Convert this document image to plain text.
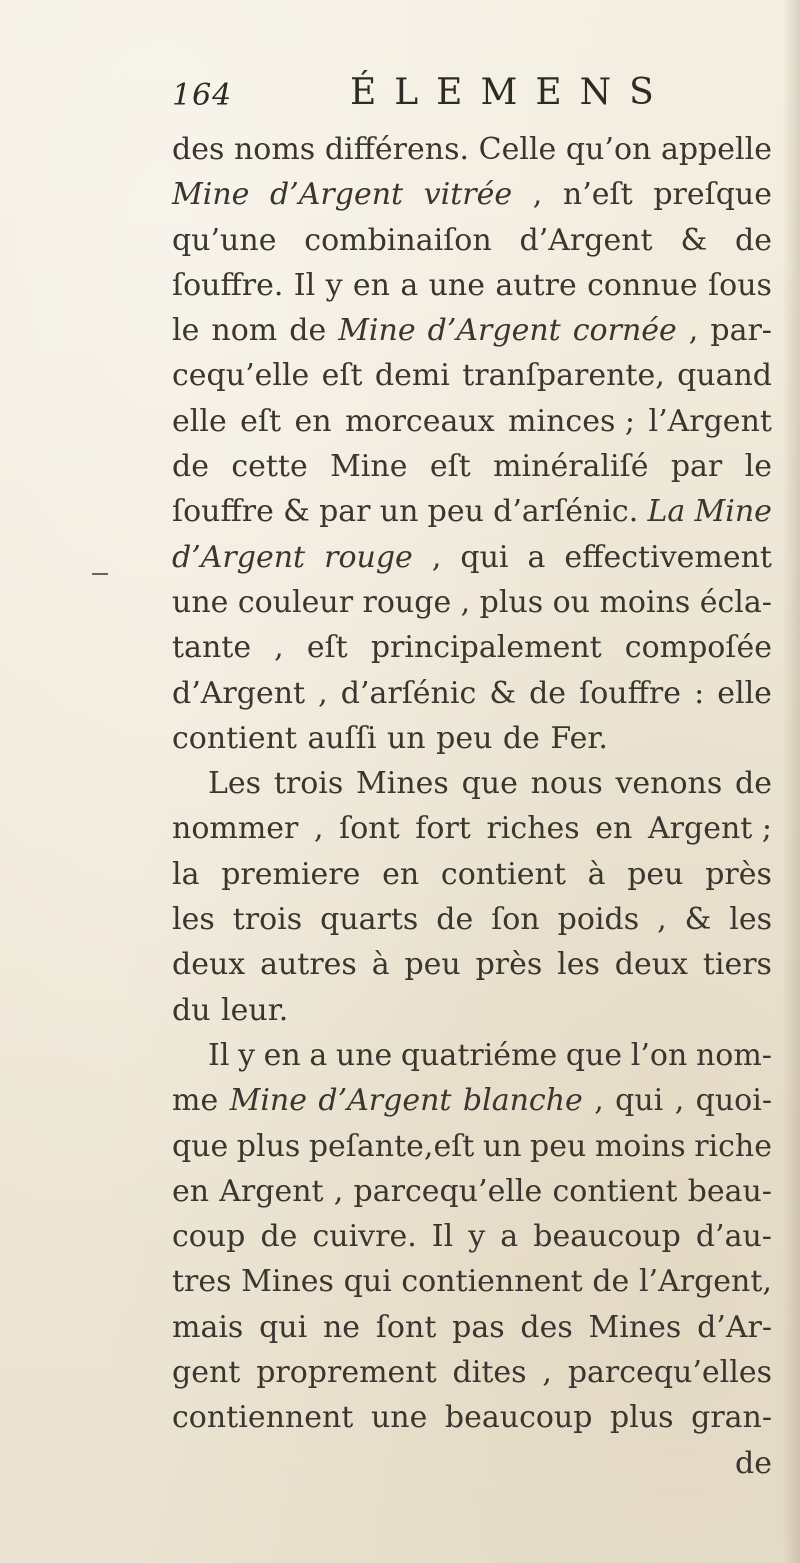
164	ÉLEMENS
des noms différens. Celle qu’on appelle
Mine d’Argent vitrée , n’eſt preſque
qu’une combinaiſon d’Argent & de
ſouffre. Il y en a une autre connue ſous
le nom de Mine d’Argent cornée , par-
cequ’elle eſt demi tranſparente, quand
elle eſt en morceaux minces ; l’Argent
de cette Mine eſt minéraliſé par le
ſouffre & par un peu d’arſénic. La Mine
d’Argent rouge , qui a effectivement
une couleur rouge , plus ou moins écla-
tante , eſt principalement compoſée
d’Argent , d’arſénic & de ſouffre : elle
contient auſſi un peu de Fer.
Les trois Mines que nous venons de
nommer , ſont fort riches en Argent ;
la premiere en contient à peu près
les trois quarts de ſon poids , & les
deux autres à peu près les deux tiers
du leur.
Il y en a une quatriéme que l’on nom-
me Mine d’Argent blanche , qui , quoi-
que plus peſante,eſt un peu moins riche
en Argent , parcequ’elle contient beau-
coup de cuivre. Il y a beaucoup d’au-
tres Mines qui contiennent de l’Argent,
mais qui ne ſont pas des Mines d’Ar-
gent proprement dites , parcequ’elles
contiennent une beaucoup plus gran-
de
